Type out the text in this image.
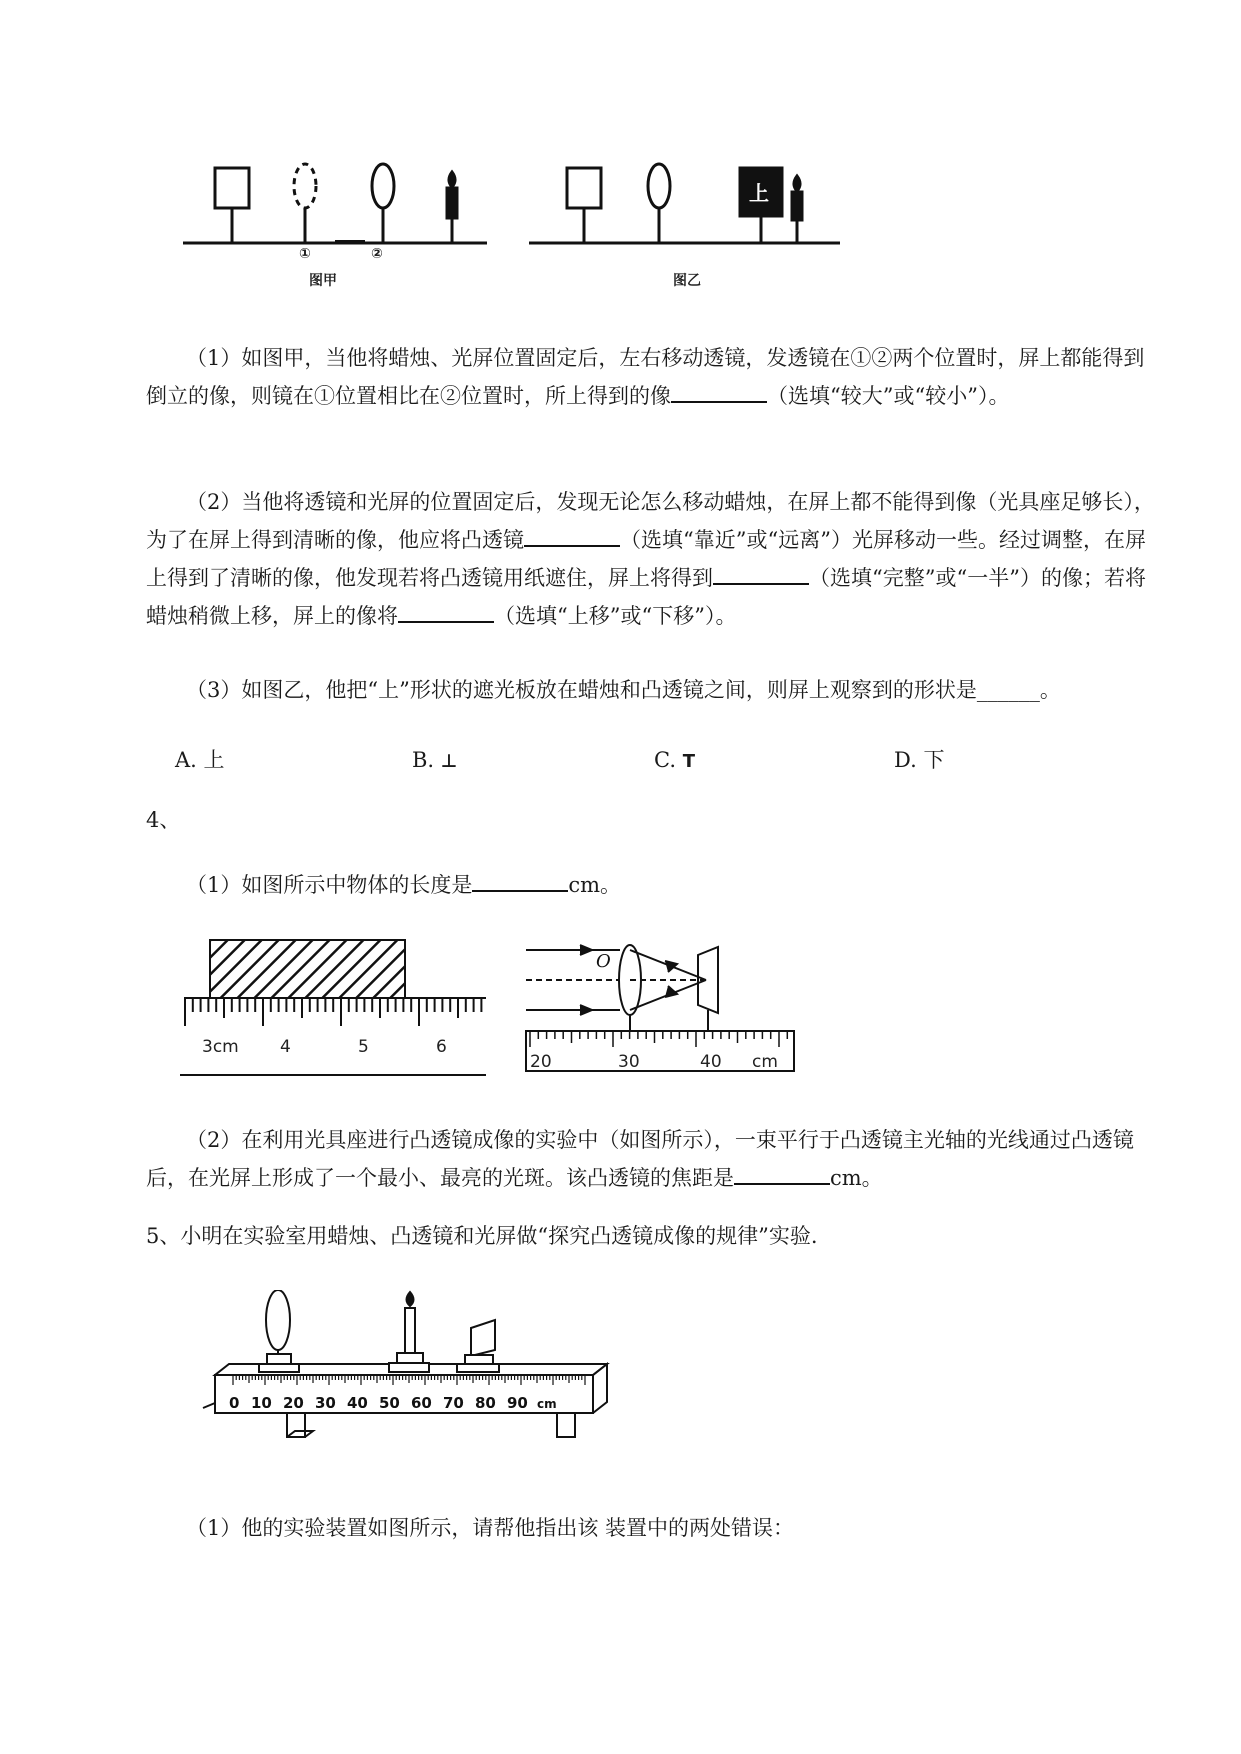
①	②
图甲
上
图乙

（1）如图甲，当他将蜡烛、光屏位置固定后，左右移动透镜，发透镜在①②两个位置时，屏上都能得到倒立的像，则镜在①位置相比在②位置时，所上得到的像	（选填“较大”或“较小”）。

（2）当他将透镜和光屏的位置固定后，发现无论怎么移动蜡烛，在屏上都不能得到像（光具座足够长），为了在屏上得到清晰的像，他应将凸透镜	（选填“靠近”或“远离”）光屏移动一些。经过调整，在屏上得到了清晰的像，他发现若将凸透镜用纸遮住，屏上将得到	（选填“完整”或“一半”）的像；若将蜡烛稍微上移，屏上的像将	（选填“上移”或“下移”）。

（3）如图乙，他把“上”形状的遮光板放在蜡烛和凸透镜之间，则屏上观察到的形状是______。

A. 上	B. ⊥	C. T	D. 下

4、

（1）如图所示中物体的长度是	cm。

3cm 4	5	6
O
20	30	40 cm

（2）在利用光具座进行凸透镜成像的实验中（如图所示），一束平行于凸透镜主光轴的光线通过凸透镜后，在光屏上形成了一个最小、最亮的光斑。该凸透镜的焦距是	cm。

5、小明在实验室用蜡烛、凸透镜和光屏做“探究凸透镜成像的规律”实验.

0 10 20 30 40 50 60 70 80 90 cm

（1）他的实验装置如图所示，请帮他指出该 装置中的两处错误：
